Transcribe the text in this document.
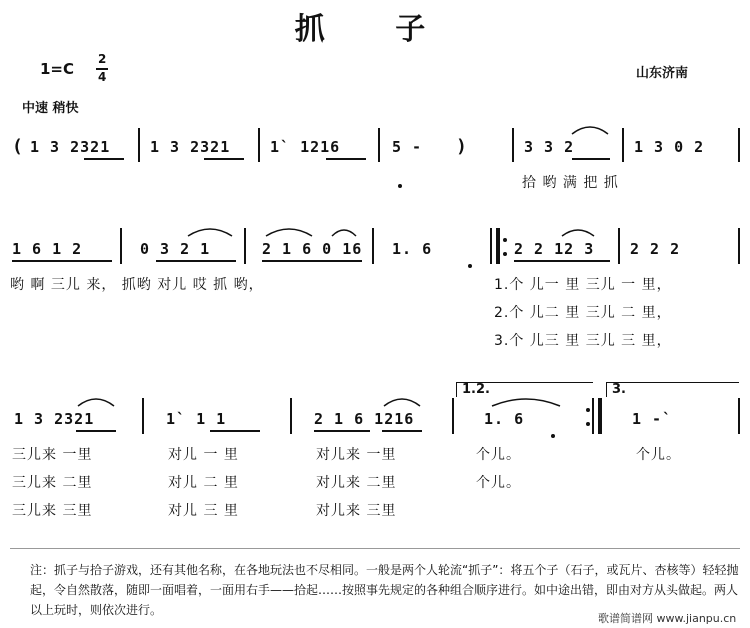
抓 子
1=C
2
4
中速 稍快
山东济南
( 1 3 2321	1 3 2321	1` 1216	5 - )	3 3 2	1 3 0 2
拾 哟 满 把 抓
1 6 1 2	0 3 2 1	2 1 6 0 16 1. 6	2 2 12 3 2 2 2
哟 啊 三儿 来， 抓哟 对儿 哎 抓 哟，	1.个 儿一 里 三儿 一 里，
2.个 儿二 里 三儿 二 里，
3.个 儿三 里 三儿 三 里，
1 3 2321	1` 1 1	2 1 6 1216
1.2.
1. 6
3.
1 -`
三儿来 一里	对儿 一 里	对儿来 一里	个儿。	个儿。
三儿来 二里	对儿 二 里	对儿来 二里	个儿。
三儿来 三里	对儿 三 里	对儿来 三里
注：抓子与拾子游戏，还有其他名称，在各地玩法也不尽相同。一般是两个人轮流“抓子”：将五个子（石子，或瓦片、杏核等）轻轻抛起，令自然散落，随即一面唱着，一面用右手——拾起……按照事先规定的各种组合顺序进行。如中途出错，即由对方从头做起。两人以上玩时，则依次进行。
歌谱简谱网 www.jianpu.cn
